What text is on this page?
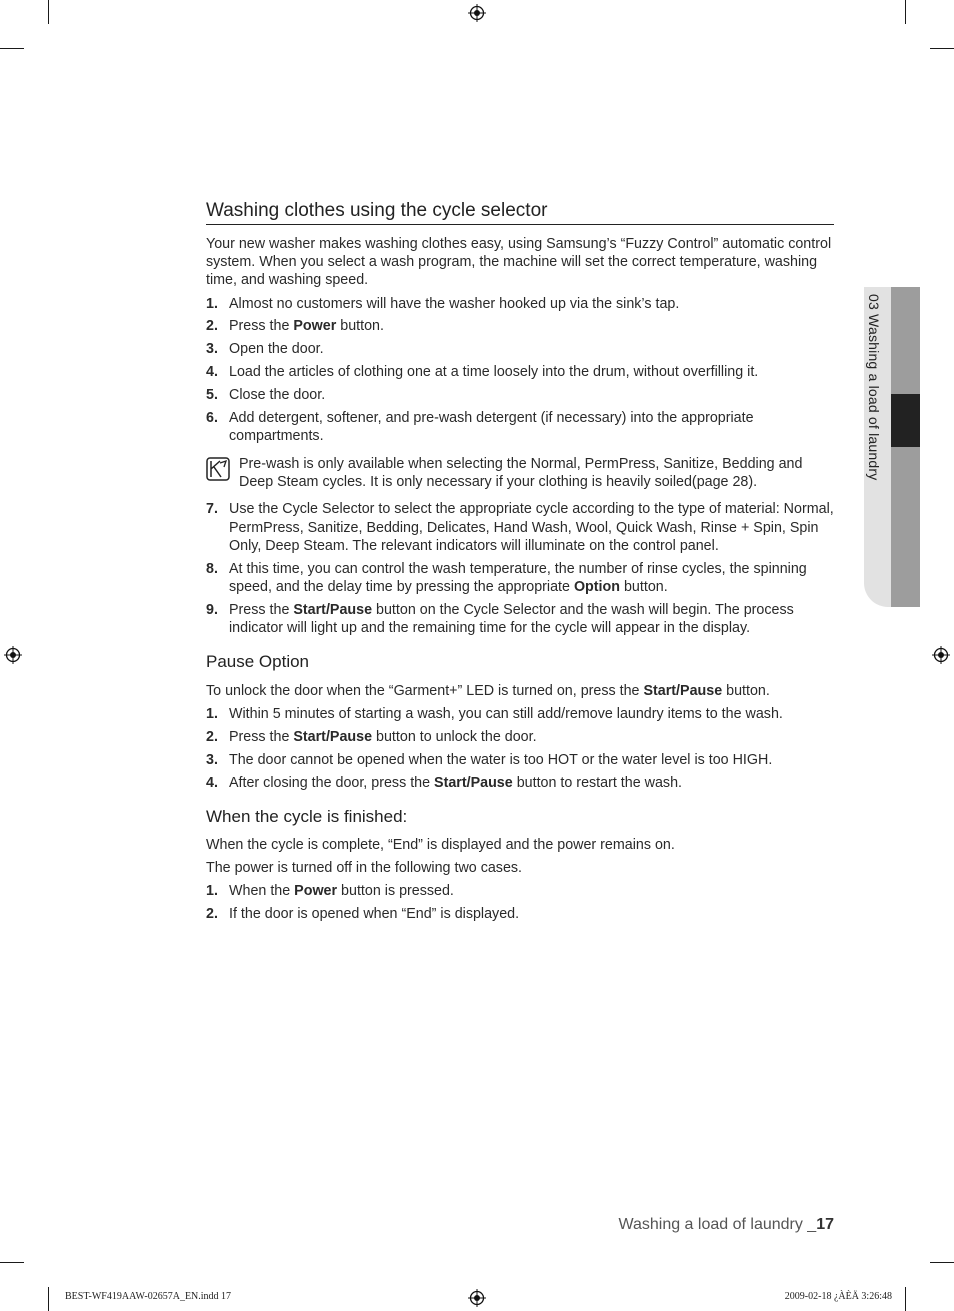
03 Washing a load of laundry
Washing clothes using the cycle selector

Your new washer makes washing clothes easy, using Samsung’s “Fuzzy Control” automatic control system. When you select a wash program, the machine will set the correct temperature, washing time, and washing speed.

1. Almost no customers will have the washer hooked up via the sink’s tap.
2. Press the Power button.
3. Open the door.
4. Load the articles of clothing one at a time loosely into the drum, without overfilling it.
5. Close the door.
6. Add detergent, softener, and pre-wash detergent (if necessary) into the appropriate compartments.
Pre-wash is only available when selecting the Normal, PermPress, Sanitize, Bedding and Deep Steam cycles. It is only necessary if your clothing is heavily soiled(page 28).
7. Use the Cycle Selector to select the appropriate cycle according to the type of material: Normal, PermPress, Sanitize, Bedding, Delicates, Hand Wash, Wool, Quick Wash, Rinse + Spin, Spin Only, Deep Steam. The relevant indicators will illuminate on the control panel.
8. At this time, you can control the wash temperature, the number of rinse cycles, the spinning speed, and the delay time by pressing the appropriate Option button.
9. Press the Start/Pause button on the Cycle Selector and the wash will begin. The process indicator will light up and the remaining time for the cycle will appear in the display.
Pause Option

To unlock the door when the “Garment+” LED is turned on, press the Start/Pause button.

1. Within 5 minutes of starting a wash, you can still add/remove laundry items to the wash.
2. Press the Start/Pause button to unlock the door.
3. The door cannot be opened when the water is too HOT or the water level is too HIGH.
4. After closing the door, press the Start/Pause button to restart the wash.
When the cycle is finished:

When the cycle is complete, “End” is displayed and the power remains on.

The power is turned off in the following two cases.

1. When the Power button is pressed.
2. If the door is opened when “End” is displayed.
Washing a load of laundry _17
BEST-WF419AAW-02657A_EN.indd 17	2009-02-18 ¿ÀÈÄ 3:26:48
